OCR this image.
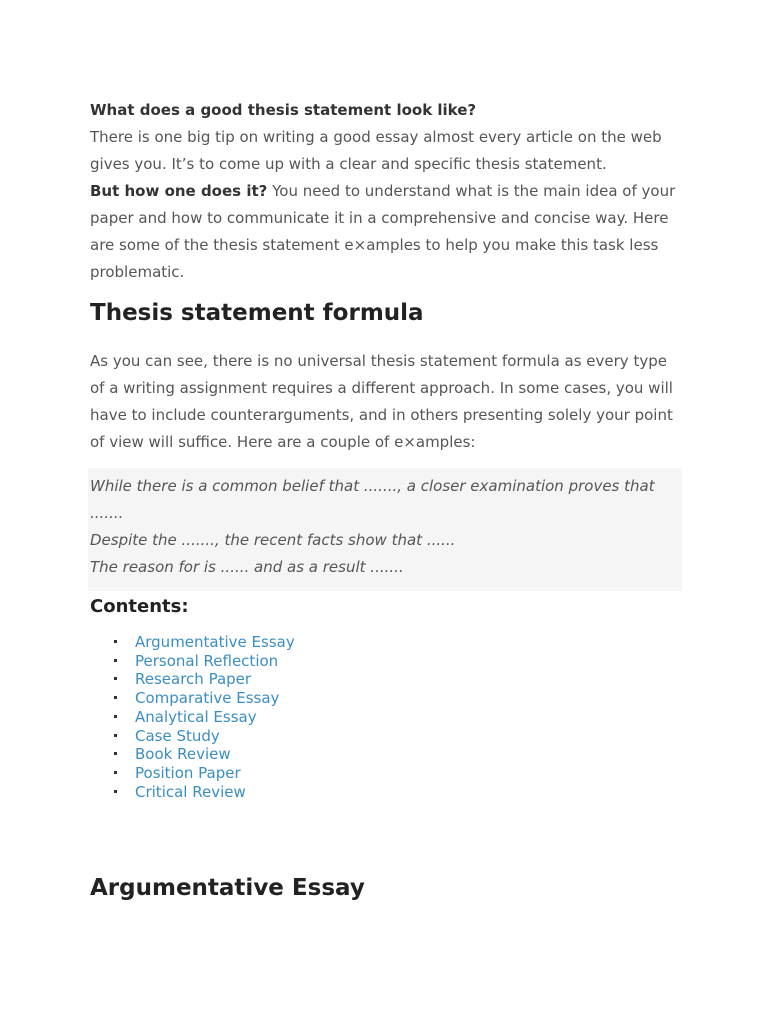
What does a good thesis statement look like?

There is one big tip on writing a good essay almost every article on the web gives you. It’s to come up with a clear and specific thesis statement.

But how one does it? You need to understand what is the main idea of your paper and how to communicate it in a comprehensive and concise way. Here are some of the thesis statement e×amples to help you make this task less problematic.

Thesis statement formula

As you can see, there is no universal thesis statement formula as every type of a writing assignment requires a different approach. In some cases, you will have to include counterarguments, and in others presenting solely your point of view will suffice. Here are a couple of e×amples:

While there is a common belief that ......., a closer examination proves that .......
Despite the ......., the recent facts show that ......
The reason for is ...... and as a result .......
Contents:
Argumentative Essay
Personal Reflection
Research Paper
Comparative Essay
Analytical Essay
Case Study
Book Review
Position Paper
Critical Review
Argumentative Essay
